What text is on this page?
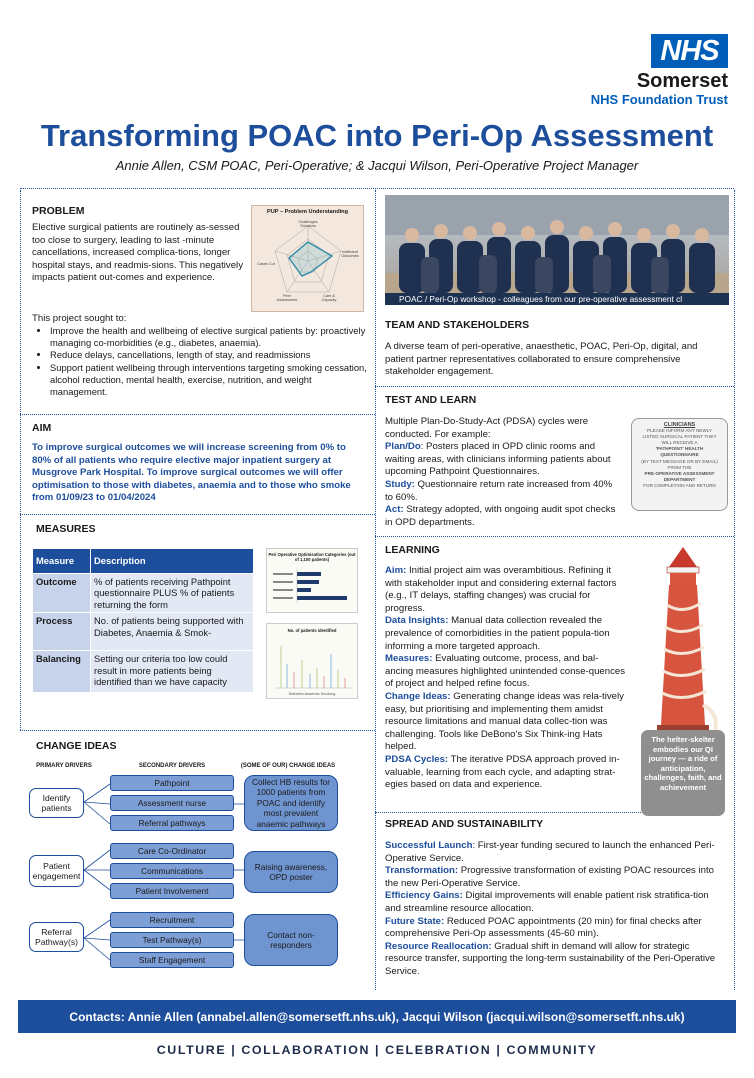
NHS
Somerset
NHS Foundation Trust
Transforming POAC into Peri-Op Assessment
Annie Allen, CSM POAC, Peri-Operative; & Jacqui Wilson, Peri-Operative Project Manager
PROBLEM
Elective surgical patients are routinely as-sessed too close to surgery, leading to last -minute cancellations, increased complica-tions, longer hospital stays, and readmis-sions. This negatively impacts patient out-comes and experience.
PUP – Problem Understanding
Challenges Solutions
Inefficient Outcomes
Care & Capacity
Cases Cut
Peer Assessment
This project sought to:
• Improve the health and wellbeing of elective surgical patients by: proactively managing co-morbidities (e.g., diabetes, anaemia).
• Reduce delays, cancellations, length of stay, and readmissions
• Support patient wellbeing through interventions targeting smoking cessation, alcohol reduction, mental health, exercise, nutrition, and weight management.
AIM
To improve surgical outcomes we will increase screening from 0% to 80% of all patients who require elective major inpatient surgery at Musgrove Park Hospital. To improve surgical outcomes we will offer optimisation to those with diabetes, anaemia and to those who smoke from 01/09/23 to 01/04/2024
MEASURES
Measure	Description
Outcome	% of patients receiving Pathpoint questionnaire PLUS % of patients returning the form
Process	No. of patients being supported with Diabetes, Anaemia & Smok-
Balancing	Setting our criteria too low could result in more patients being identified than we have capacity
Peri Operative Optimisation Categories (out of 1,100 patients)
No. of patients identified
Diabetes Anaemia Smoking
CHANGE IDEAS
PRIMARY DRIVERS	SECONDARY DRIVERS	(SOME OF OUR) CHANGE IDEAS
Identify patients
Pathpoint
Assessment nurse
Referral pathways
Collect HB results for 1000 patients from POAC and identify most prevalent anaemic pathways
Patient engagement
Care Co-Ordinator
Communications
Patient Involvement
Raising awareness, OPD poster
Referral Pathway(s)
Recruitment
Test Pathway(s)
Staff Engagement
Contact non-responders
POAC / Peri-Op workshop - colleagues from our pre-operative assessment cl
TEAM AND STAKEHOLDERS
A diverse team of peri-operative, anaesthetic, POAC, Peri-Op, digital, and patient partner representatives collaborated to ensure comprehensive stakeholder engagement.
TEST AND LEARN
Multiple Plan-Do-Study-Act (PDSA) cycles were conducted. For example:
Plan/Do: Posters placed in OPD clinic rooms and waiting areas, with clinicians informing patients about upcoming Pathpoint Questionnaires.
Study: Questionnaire return rate increased from 40% to 60%.
Act: Strategy adopted, with ongoing audit spot checks in OPD departments.
CLINICIANS
PLEASE INFORM ANY NEWLY
LISTED SURGICAL PATIENT THEY
WILL RECEIVE A
'PATHPOINT' HEALTH
QUESTIONNAIRE
(BY TEXT MESSAGE OR BY EMAIL)
FROM THE
PRE-OPERATIVE ASSESSMENT
DEPARTMENT
FOR COMPLETION AND RETURN
LEARNING
Aim: Initial project aim was overambitious. Refining it with stakeholder input and considering external factors (e.g., IT delays, staffing changes) was crucial for progress.
Data Insights: Manual data collection revealed the prevalence of comorbidities in the patient popula-tion informing a more targeted approach.
Measures: Evaluating outcome, process, and bal-ancing measures highlighted unintended conse-quences of project and helped refine focus.
Change Ideas: Generating change ideas was rela-tively easy, but prioritising and implementing them amidst resource limitations and manual data collec-tion was challenging. Tools like DeBono's Six Think-ing Hats helped.
PDSA Cycles: The iterative PDSA approach proved in-valuable, learning from each cycle, and adapting strat-egies based on data and experience.
The helter-skelter embodies our QI journey — a ride of anticipation, challenges, faith, and achievement
SPREAD AND SUSTAINABILITY
Successful Launch: First-year funding secured to launch the enhanced Peri-Operative Service.
Transformation: Progressive transformation of existing POAC resources into the new Peri-Operative Service.
Efficiency Gains: Digital improvements will enable patient risk stratifica-tion and streamline resource allocation.
Future State: Reduced POAC appointments (20 min) for final checks after comprehensive Peri-Op assessments (45-60 min).
Resource Reallocation: Gradual shift in demand will allow for strategic resource transfer, supporting the long-term sustainability of the Peri-Operative Service.
Contacts: Annie Allen (annabel.allen@somersetft.nhs.uk), Jacqui Wilson (jacqui.wilson@somersetft.nhs.uk)
CULTURE | COLLABORATION | CELEBRATION | COMMUNITY
